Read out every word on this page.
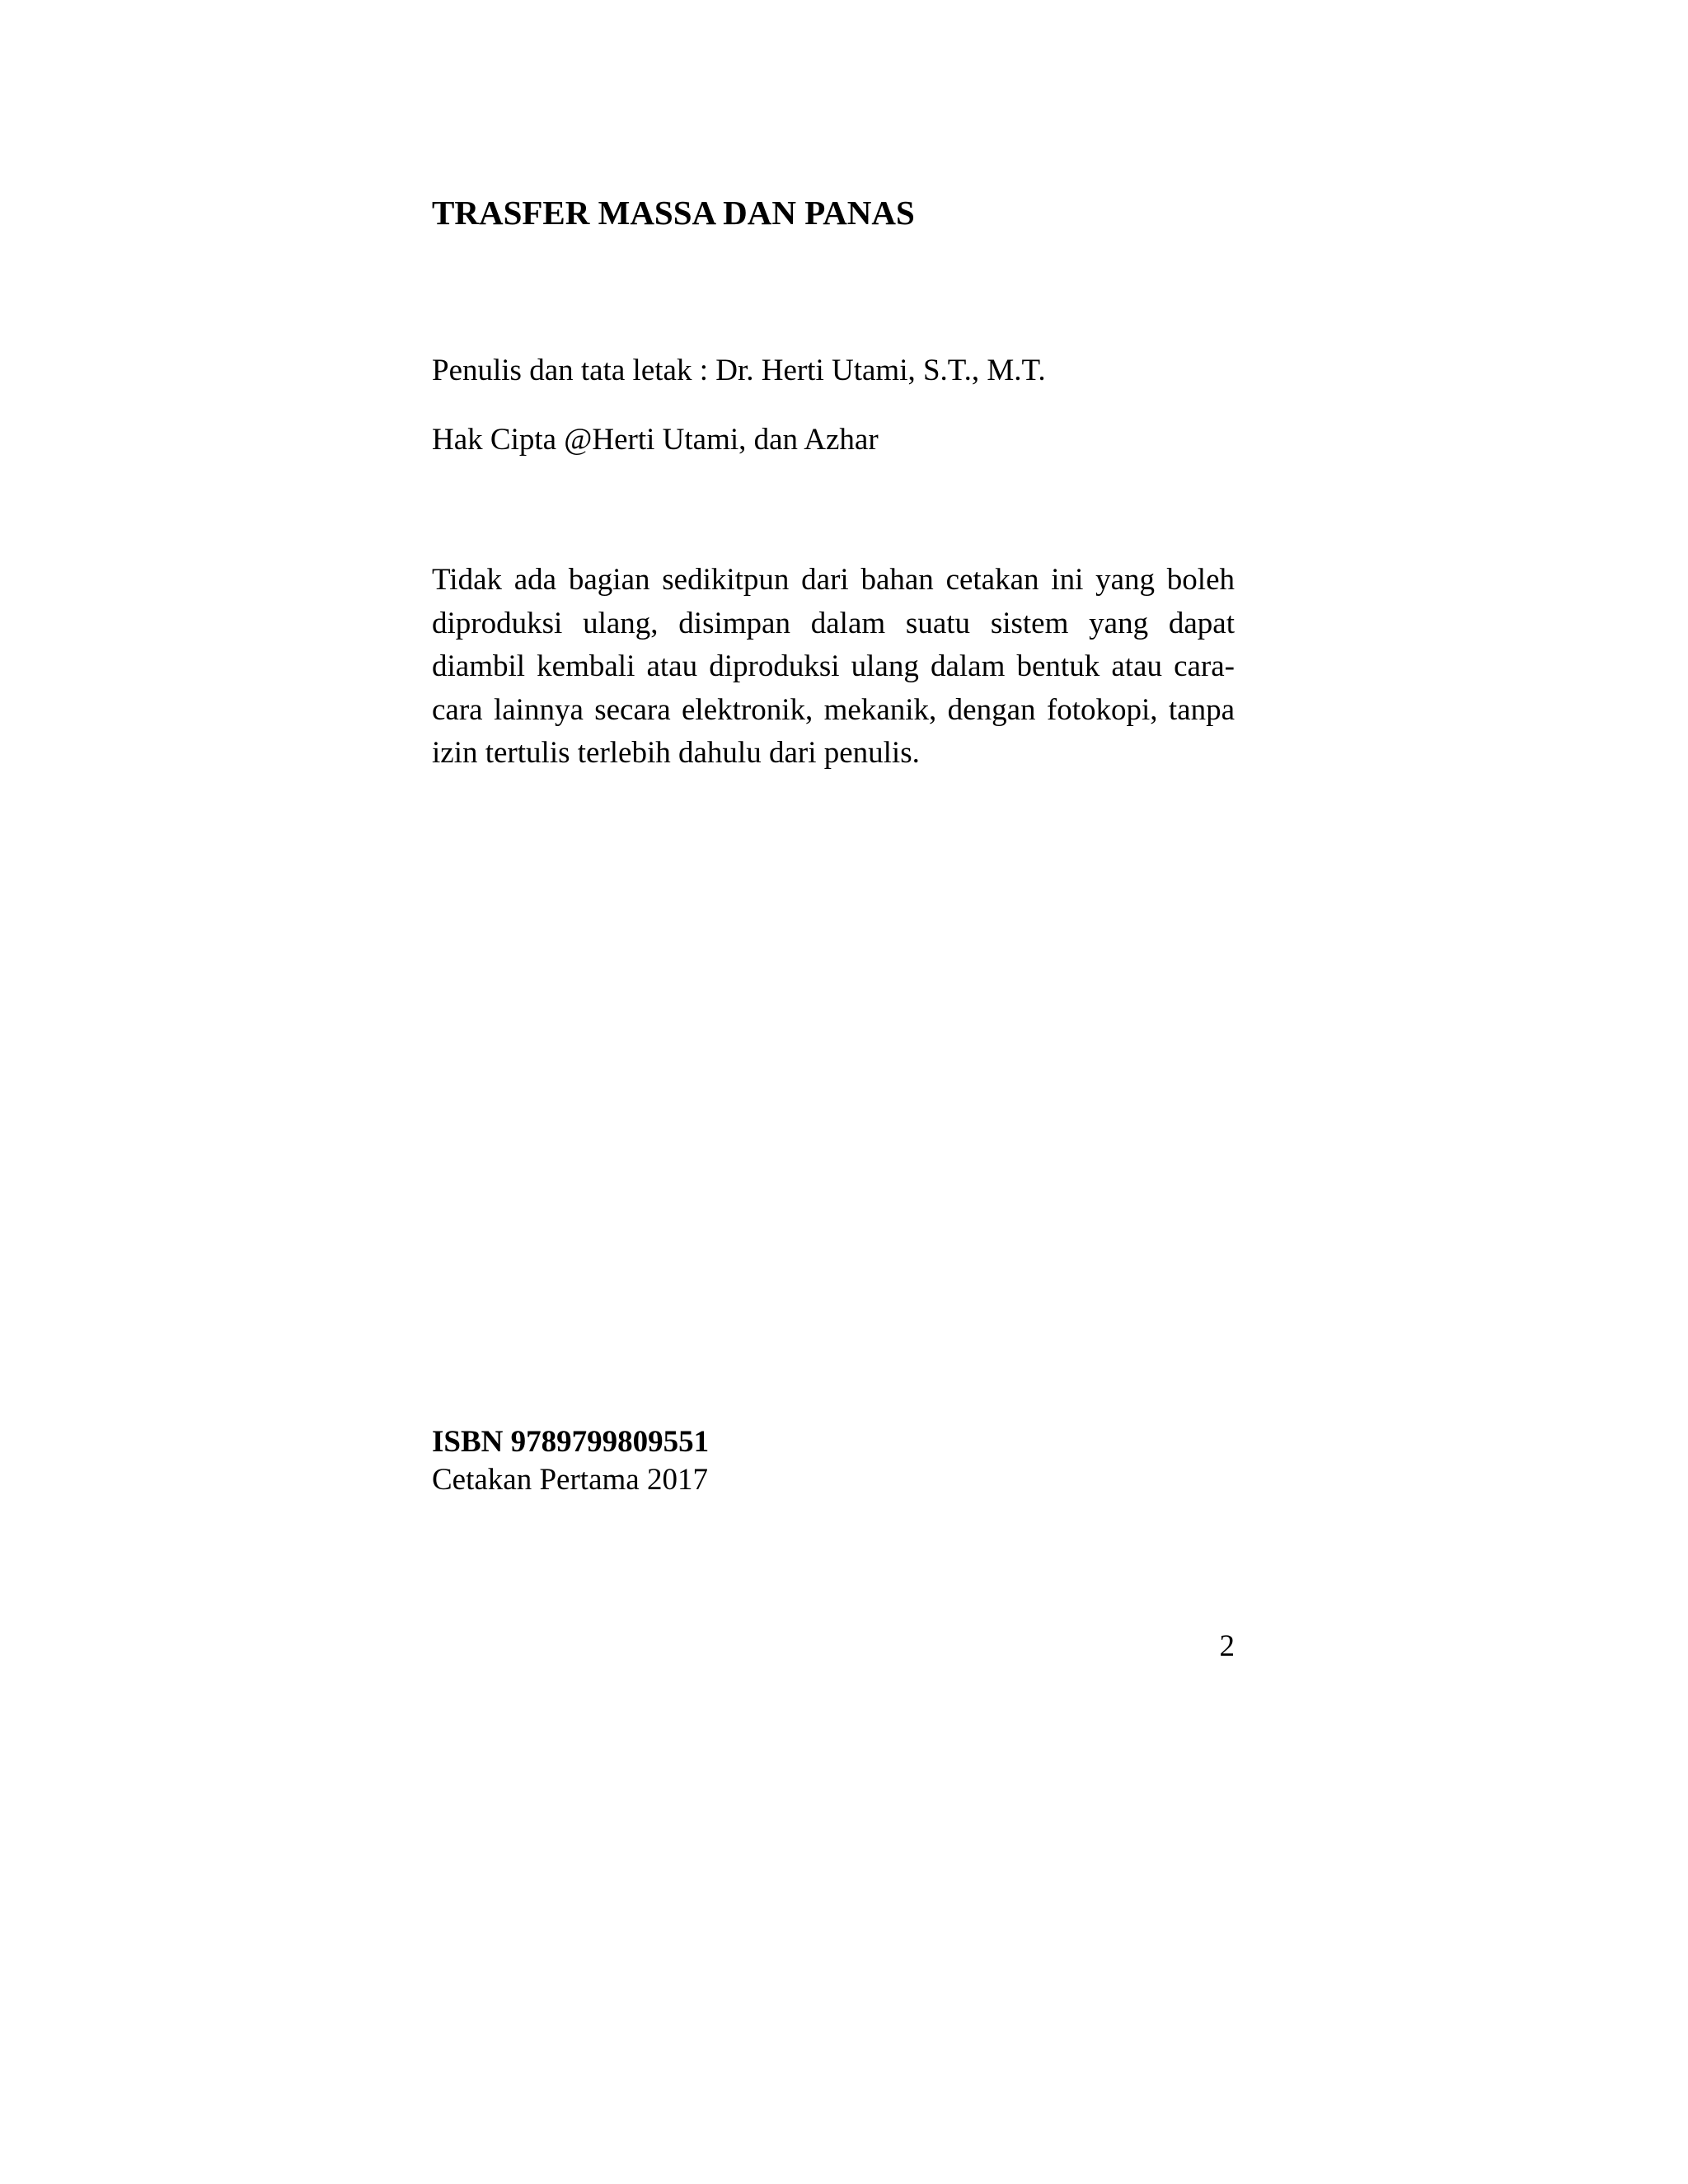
TRASFER MASSA DAN PANAS

Penulis dan tata letak : Dr. Herti Utami, S.T., M.T.

Hak Cipta @Herti Utami, dan Azhar

Tidak ada bagian sedikitpun dari bahan cetakan ini yang boleh diproduksi ulang, disimpan dalam suatu sistem yang dapat diambil kembali atau diproduksi ulang dalam bentuk atau cara-cara lainnya secara elektronik, mekanik, dengan fotokopi, tanpa izin tertulis terlebih dahulu dari penulis.

ISBN 9789799809551

Cetakan Pertama 2017

2
